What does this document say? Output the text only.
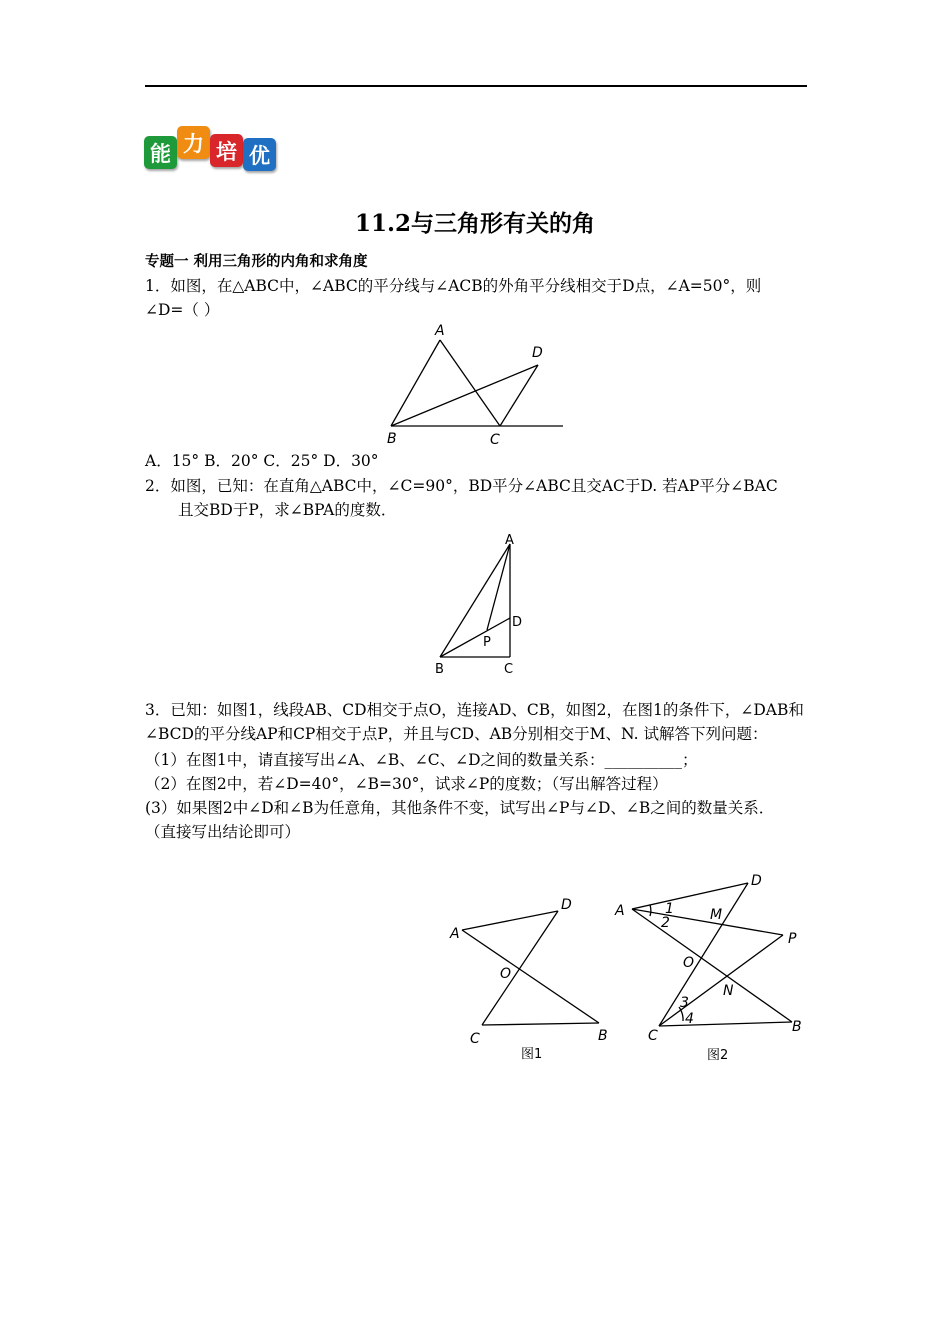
能 力 培 优
11.2与三角形有关的角
专题一 利用三角形的内角和求角度
1．如图，在△ABC中，∠ABC的平分线与∠ACB的外角平分线相交于D点，∠A=50°，则
∠D=（ ）
A
B	C
D
A．15° B．20° C．25° D．30°
2．如图，已知：在直角△ABC中，∠C=90°，BD平分∠ABC且交AC于D. 若AP平分∠BAC
且交BD于P，求∠BPA的度数．
A
B	C
D
P
3．已知：如图1，线段AB、CD相交于点O，连接AD、CB，如图2，在图1的条件下，∠DAB和
∠BCD的平分线AP和CP相交于点P，并且与CD、AB分别相交于M、N. 试解答下列问题：
（1）在图1中，请直接写出∠A、∠B、∠C、∠D之间的数量关系：__________；
（2）在图2中，若∠D=40°，∠B=30°，试求∠P的度数；（写出解答过程）
(3）如果图2中∠D和∠B为任意角，其他条件不变，试写出∠P与∠D、∠B之间的数量关系．
（直接写出结论即可）
A
D
O
C	B
图1
A
D
M
P
O
N
C
B
1
2
3
4
图2
